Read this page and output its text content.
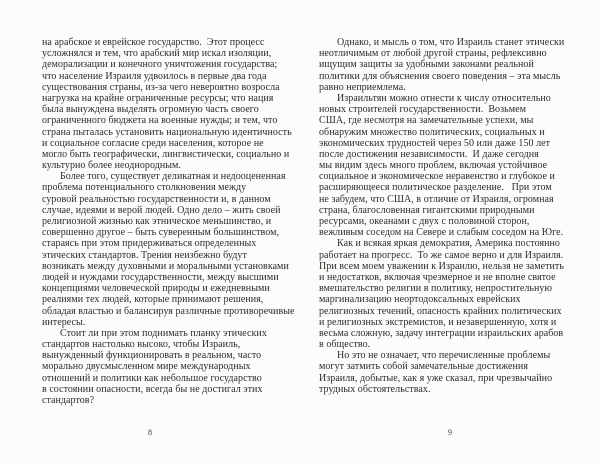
на арабское и еврейское государство.  Этот процесс
усложнялся и тем, что арабский мир искал изоляции,
деморализации и конечного уничтожения государства;
что население Израиля удвоилось в первые два года
существования страны, из-за чего невероятно возросла
нагрузка на крайне ограниченные ресурсы; что нация
была вынуждена выделять огромную часть своего
ограниченного бюджета на военные нужды; и тем, что
страна пыталась установить национальную идентичность
и социальное согласие среди населения, которое не
могло быть географически, лингвистически, социально и
культурно более неоднородным.
Более того, существует деликатная и недооцененная
проблема потенциального столкновения между
суровой реальностью государственности и, в данном
случае, идеями и верой людей. Одно дело – жить своей
религиозной жизнью как этническое меньшинство, и
совершенно другое – быть суверенным большинством,
стараясь при этом придерживаться определенных
этических стандартов. Трения неизбежно будут
возникать между духовными и моральными установками
людей и нуждами государственности, между высшими
концепциями человеческой природы и ежедневными
реалиями тех людей, которые принимают решения,
обладая властью и балансируя различные противоречивые
интересы.
Стоит ли при этом поднимать планку этических
стандартов настолько высоко, чтобы Израиль,
вынужденный функционировать в реальном, часто
морально двусмысленном мире международных
отношений и политики как небольшое государство
в состоянии опасности, всегда бы не достигал этих
стандартов?
8
Однако, и мысль о том, что Израиль станет этически
неотличимым от любой другой страны, рефлексивно
ищущим защиты за удобными законами реальной
политики для объяснения своего поведения – эта мысль
равно неприемлема.
Израильтян можно отнести к числу относительно
новых строителей государственности.  Возьмем
США, где несмотря на замечательные успехи, мы
обнаружим множество политических, социальных и
экономических трудностей через 50 или даже 150 лет
после достижения независимости.  И даже сегодня
мы видим здесь много проблем, включая устойчивое
социальное и экономическое неравенство и глубокое и
расширяющееся политическое разделение.   При этом
не забудем, что США, в отличие от Израиля, огромная
страна, благословенная гигантскими природными
ресурсами, океанами с двух с половиной сторон,
вежливым соседом на Севере и слабым соседом на Юге.
Как и всякая яркая демократия, Америка постоянно
работает на прогресс.  То же самое верно и для Израиля.
При всем моем уважении к Израилю, нельзя не заметить
и недостатков, включая чрезмерное и не вполне святое
вмешательство религии в политику, непростительную
маргинализацию неортодоксальных еврейских
религиозных течений, опасность крайних политических
и религиозных экстремистов, и незавершенную, хотя и
весьма сложную, задачу интеграции израильских арабов
в общество.
Но это не означает, что перечисленные проблемы
могут затмить собой замечательные достижения
Израиля, добытые, как я уже сказал, при чрезвычайно
трудных обстоятельствах.
9
